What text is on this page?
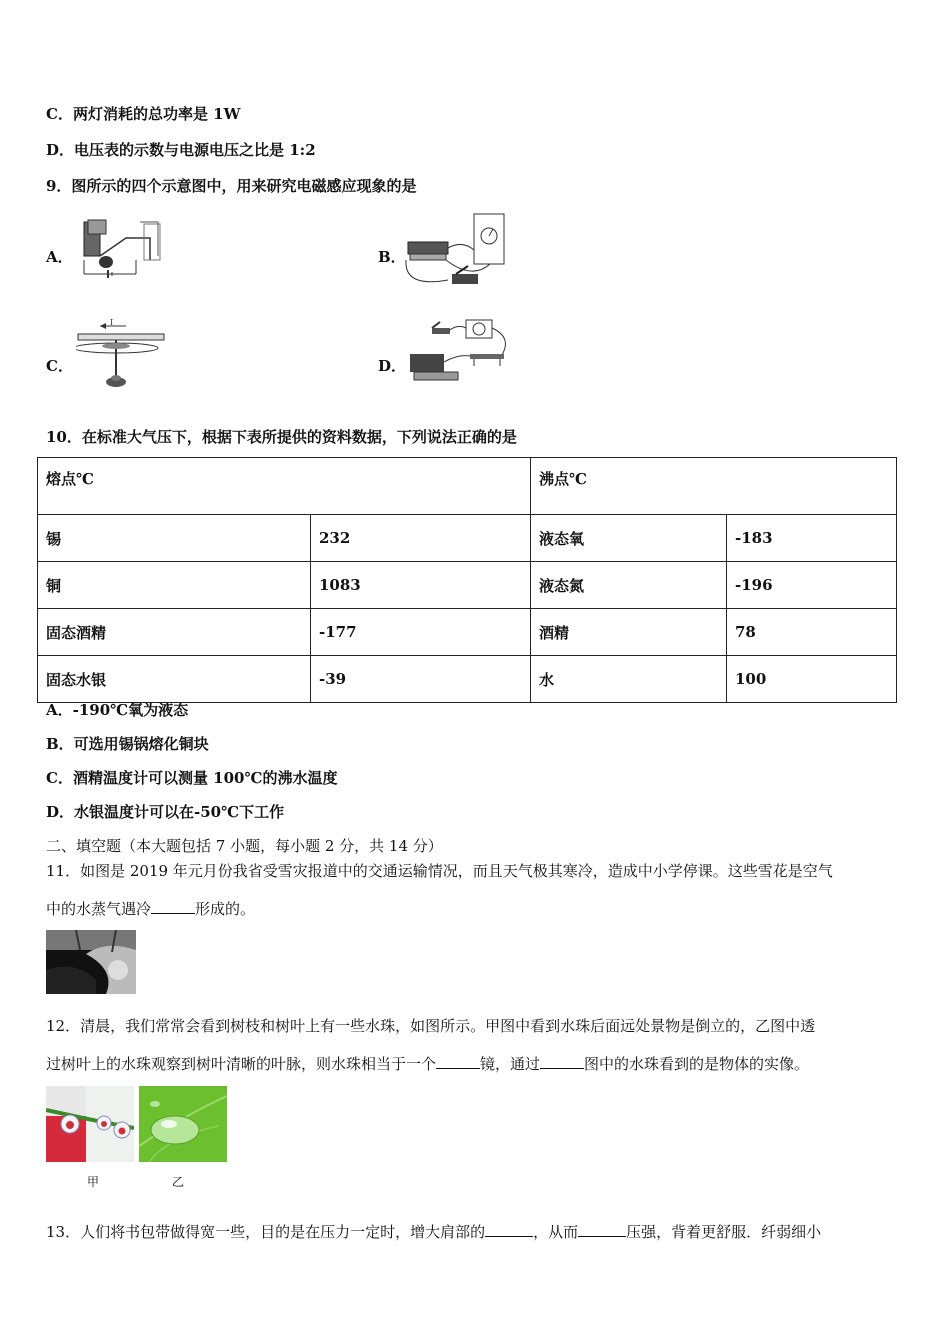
C．两灯消耗的总功率是 1W
D．电压表的示数与电源电压之比是 1:2
9．图所示的四个示意图中，用来研究电磁感应现象的是
A．	B．
C．
I
D．
10．在标准大气压下，根据下表所提供的资料数据，下列说法正确的是
熔点℃		沸点℃	
锡	232	液态氧	-183
铜	1083	液态氮	-196
固态酒精	-177	酒精	78
固态水银	-39	水	100
A．-190℃氧为液态
B．可选用锡锅熔化铜块
C．酒精温度计可以测量 100℃的沸水温度
D．水银温度计可以在-50℃下工作
二、填空题（本大题包括 7 小题，每小题 2 分，共 14 分）
11．如图是 2019 年元月份我省受雪灾报道中的交通运输情况，而且天气极其寒冷，造成中小学停课。这些雪花是空气
中的水蒸气遇冷	形成的。
12．清晨，我们常常会看到树枝和树叶上有一些水珠，如图所示。甲图中看到水珠后面远处景物是倒立的，乙图中透
过树叶上的水珠观察到树叶清晰的叶脉，则水珠相当于一个	镜，通过	图中的水珠看到的是物体的实像。
甲	乙
13．人们将书包带做得宽一些，目的是在压力一定时，增大肩部的	，从而	压强，背着更舒服．纤弱细小
